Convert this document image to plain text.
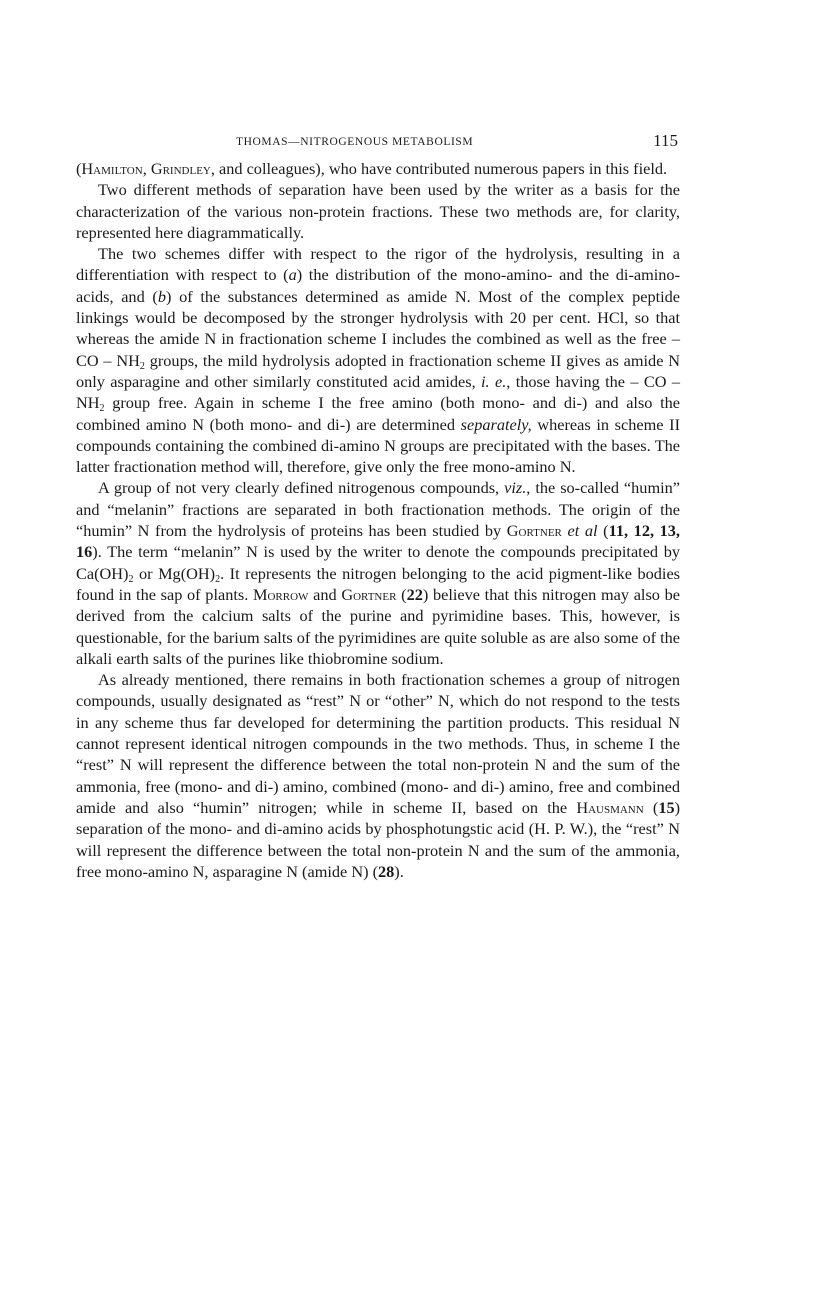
THOMAS—NITROGENOUS METABOLISM	115

(Hamilton, Grindley, and colleagues), who have contributed numerous papers in this field.

Two different methods of separation have been used by the writer as a basis for the characterization of the various non-protein fractions. These two methods are, for clarity, represented here diagrammatically.

The two schemes differ with respect to the rigor of the hydrolysis, resulting in a differentiation with respect to (a) the distribution of the mono-amino- and the di-amino-acids, and (b) of the substances determined as amide N. Most of the complex peptide linkings would be decomposed by the stronger hydrolysis with 20 per cent. HCl, so that whereas the amide N in fractionation scheme I includes the combined as well as the free – CO – $NH_2$ groups, the mild hydrolysis adopted in fractionation scheme II gives as amide N only asparagine and other similarly constituted acid amides, i. e., those having the – CO – $NH_2$ group free. Again in scheme I the free amino (both mono- and di-) and also the combined amino N (both mono- and di-) are determined separately, whereas in scheme II compounds containing the combined di-amino N groups are precipitated with the bases. The latter fractionation method will, therefore, give only the free mono-amino N.

A group of not very clearly defined nitrogenous compounds, viz., the so-called “humin” and “melanin” fractions are separated in both fractionation methods. The origin of the “humin” N from the hydrolysis of proteins has been studied by Gortner et al (11, 12, 13, 16). The term “melanin” N is used by the writer to denote the compounds precipitated by $Ca(OH)_2$ or $Mg(OH)_2$. It represents the nitrogen belonging to the acid pigment-like bodies found in the sap of plants. Morrow and Gortner (22) believe that this nitrogen may also be derived from the calcium salts of the purine and pyrimidine bases. This, however, is questionable, for the barium salts of the pyrimidines are quite soluble as are also some of the alkali earth salts of the purines like thiobromine sodium.

As already mentioned, there remains in both fractionation schemes a group of nitrogen compounds, usually designated as “rest” N or “other” N, which do not respond to the tests in any scheme thus far developed for determining the partition products. This residual N cannot represent identical nitrogen compounds in the two methods. Thus, in scheme I the “rest” N will represent the difference between the total non-protein N and the sum of the ammonia, free (mono- and di-) amino, combined (mono- and di-) amino, free and combined amide and also “humin” nitrogen; while in scheme II, based on the Hausmann (15) separation of the mono- and di-amino acids by phosphotungstic acid (H. P. W.), the “rest” N will represent the difference between the total non-protein N and the sum of the ammonia, free mono-amino N, asparagine N (amide N) (28).
